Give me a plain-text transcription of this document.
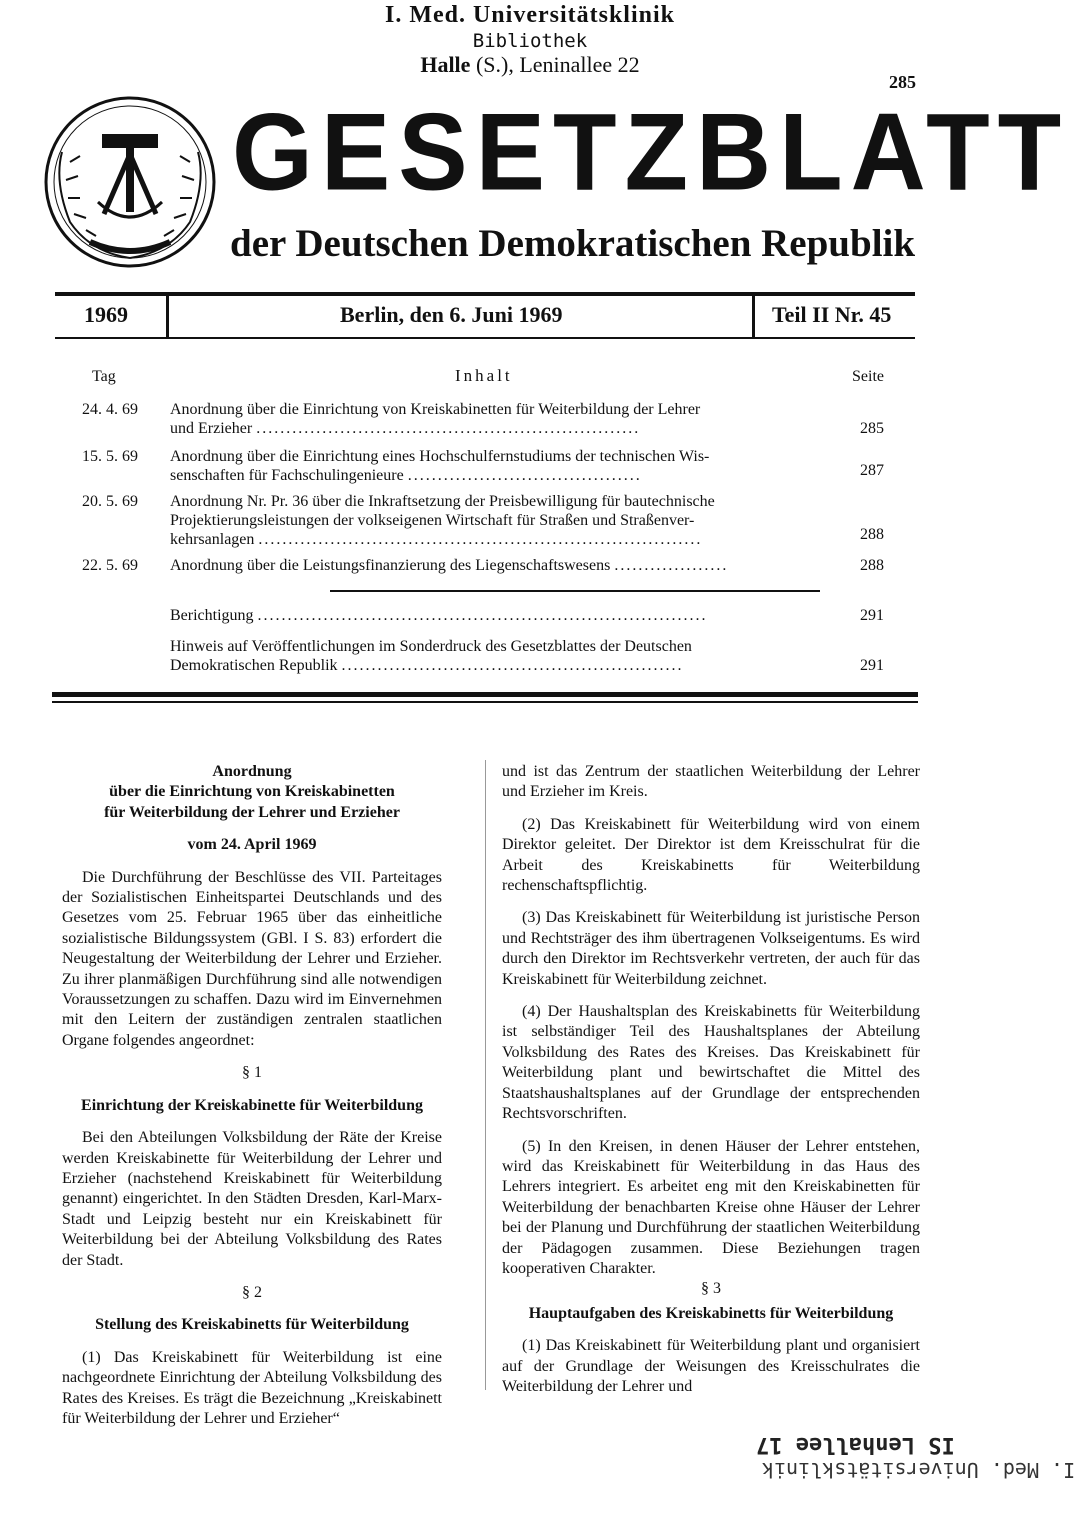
I. Med. Universitätsklinik
Bibliothek
Halle (S.), Leninallee 22
285
GESETZBLATT
der Deutschen Demokratischen Republik
1969	Berlin, den 6. Juni 1969	Teil II Nr. 45
Tag	Inhalt	Seite
24. 4. 69 Anordnung über die Einrichtung von Kreiskabinetten für Weiterbildung der Lehrer
und Erzieher ................................................................	285
15. 5. 69 Anordnung über die Einrichtung eines Hochschulfernstudiums der technischen Wis-
senschaften für Fachschulingenieure .......................................	287
20. 5. 69 Anordnung Nr. Pr. 36 über die Inkraftsetzung der Preisbewilligung für bautechnische
Projektierungsleistungen der volkseigenen Wirtschaft für Straßen und Straßenver-
kehrsanlagen ..........................................................................	288
22. 5. 69 Anordnung über die Leistungsfinanzierung des Liegenschaftswesens ...................	288
Berichtigung ...........................................................................	291
Hinweis auf Veröffentlichungen im Sonderdruck des Gesetzblattes der Deutschen
Demokratischen Republik .........................................................	291

Anordnung

über die Einrichtung von Kreiskabinetten

für Weiterbildung der Lehrer und Erzieher

vom 24. April 1969

Die Durchführung der Beschlüsse des VII. Parteitages der Sozialistischen Einheitspartei Deutschlands und des Gesetzes vom 25. Februar 1965 über das einheitliche sozialistische Bildungssystem (GBl. I S. 83) erfordert die Neugestaltung der Weiterbildung der Lehrer und Erzieher. Zu ihrer planmäßigen Durchführung sind alle notwendigen Voraussetzungen zu schaffen. Dazu wird im Einvernehmen mit den Leitern der zuständigen zentralen staatlichen Organe folgendes angeordnet:

§ 1

Einrichtung der Kreiskabinette für Weiterbildung

Bei den Abteilungen Volksbildung der Räte der Kreise werden Kreiskabinette für Weiterbildung der Lehrer und Erzieher (nachstehend Kreiskabinett für Weiterbildung genannt) eingerichtet. In den Städten Dresden, Karl-Marx-Stadt und Leipzig besteht nur ein Kreiskabinett für Weiterbildung bei der Abteilung Volksbildung des Rates der Stadt.

§ 2

Stellung des Kreiskabinetts für Weiterbildung

(1) Das Kreiskabinett für Weiterbildung ist eine nachgeordnete Einrichtung der Abteilung Volksbildung des Rates des Kreises. Es trägt die Bezeichnung „Kreiskabinett für Weiterbildung der Lehrer und Erzieher“

und ist das Zentrum der staatlichen Weiterbildung der Lehrer und Erzieher im Kreis.

(2) Das Kreiskabinett für Weiterbildung wird von einem Direktor geleitet. Der Direktor ist dem Kreisschulrat für die Arbeit des Kreiskabinetts für Weiterbildung rechenschaftspflichtig.

(3) Das Kreiskabinett für Weiterbildung ist juristische Person und Rechtsträger des ihm übertragenen Volkseigentums. Es wird durch den Direktor im Rechtsverkehr vertreten, der auch für das Kreiskabinett für Weiterbildung zeichnet.

(4) Der Haushaltsplan des Kreiskabinetts für Weiterbildung ist selbständiger Teil des Haushaltsplanes der Abteilung Volksbildung des Rates des Kreises. Das Kreiskabinett für Weiterbildung plant und bewirtschaftet die Mittel des Staatshaushaltsplanes auf der Grundlage der entsprechenden Rechtsvorschriften.

(5) In den Kreisen, in denen Häuser der Lehrer entstehen, wird das Kreiskabinett für Weiterbildung in das Haus des Lehrers integriert. Es arbeitet eng mit den Kreiskabinetten für Weiterbildung der benachbarten Kreise ohne Häuser der Lehrer bei der Planung und Durchführung der staatlichen Weiterbildung der Pädagogen zusammen. Diese Beziehungen tragen kooperativen Charakter.

§ 3

Hauptaufgaben des Kreiskabinetts für Weiterbildung

(1) Das Kreiskabinett für Weiterbildung plant und organisiert auf der Grundlage der Weisungen des Kreisschulrates die Weiterbildung der Lehrer und

IS Lenhallee 17
I. Med. Universitätsklinik
